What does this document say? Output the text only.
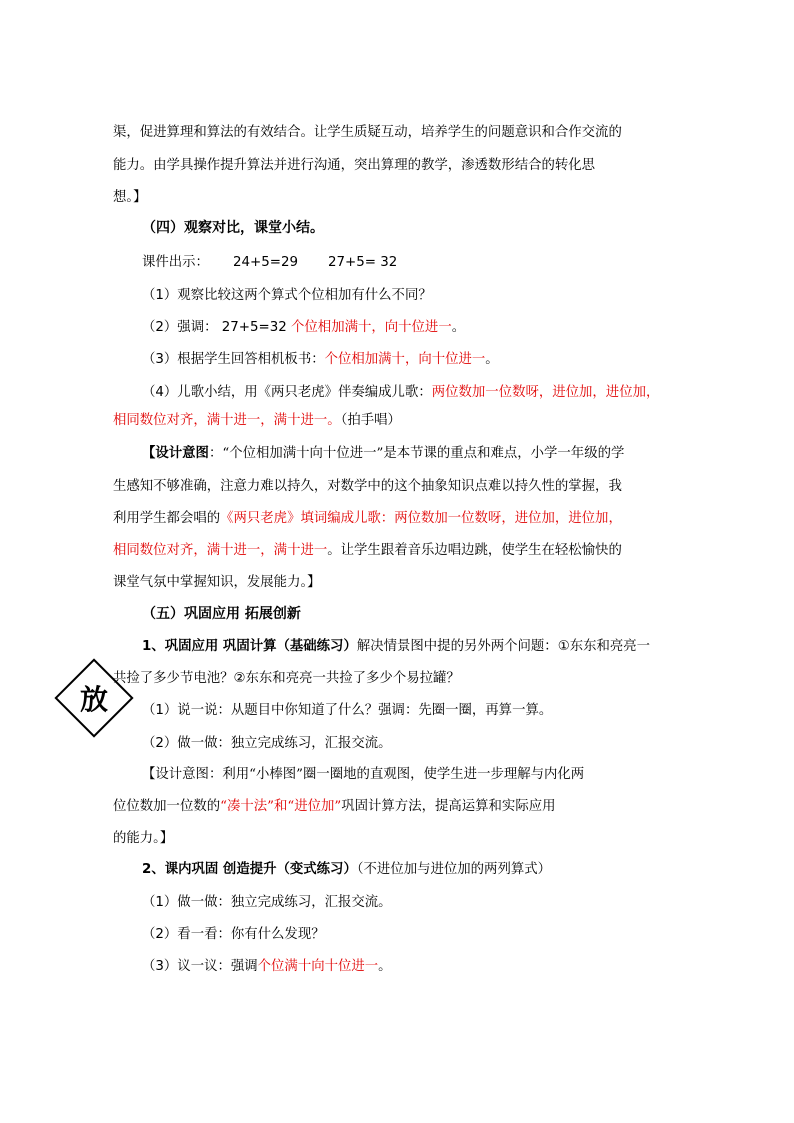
渠，促进算理和算法的有效结合。让学生质疑互动，培养学生的问题意识和合作交流的
能力。由学具操作提升算法并进行沟通，突出算理的教学，渗透数形结合的转化思
想。】
（四）观察对比，课堂小结。
课件出示： 24+5=29 27+5= 32
（1）观察比较这两个算式个位相加有什么不同？
（2）强调： 27+5=32 个位相加满十，向十位进一。
（3）根据学生回答相机板书：个位相加满十，向十位进一。
（4）儿歌小结，用《两只老虎》伴奏编成儿歌：两位数加一位数呀，进位加，进位加，
相同数位对齐，满十进一，满十进一。（拍手唱）
【设计意图：“个位相加满十向十位进一”是本节课的重点和难点，小学一年级的学
生感知不够准确，注意力难以持久，对数学中的这个抽象知识点难以持久性的掌握，我
利用学生都会唱的《两只老虎》填词编成儿歌：两位数加一位数呀，进位加，进位加，
相同数位对齐，满十进一，满十进一。让学生跟着音乐边唱边跳，使学生在轻松愉快的
课堂气氛中掌握知识，发展能力。】
（五）巩固应用 拓展创新
1、巩固应用 巩固计算（基础练习）解决情景图中提的另外两个问题：①东东和亮亮一
共捡了多少节电池？②东东和亮亮一共捡了多少个易拉罐？
放	（1）说一说：从题目中你知道了什么？强调：先圈一圈，再算一算。
（2）做一做：独立完成练习，汇报交流。
【设计意图：利用“小棒图”圈一圈地的直观图，使学生进一步理解与内化两
位位数加一位数的“凑十法”和“进位加”巩固计算方法，提高运算和实际应用
的能力。】
2、课内巩固 创造提升（变式练习）（不进位加与进位加的两列算式）
（1）做一做：独立完成练习，汇报交流。
（2）看一看：你有什么发现？
（3）议一议：强调个位满十向十位进一。
